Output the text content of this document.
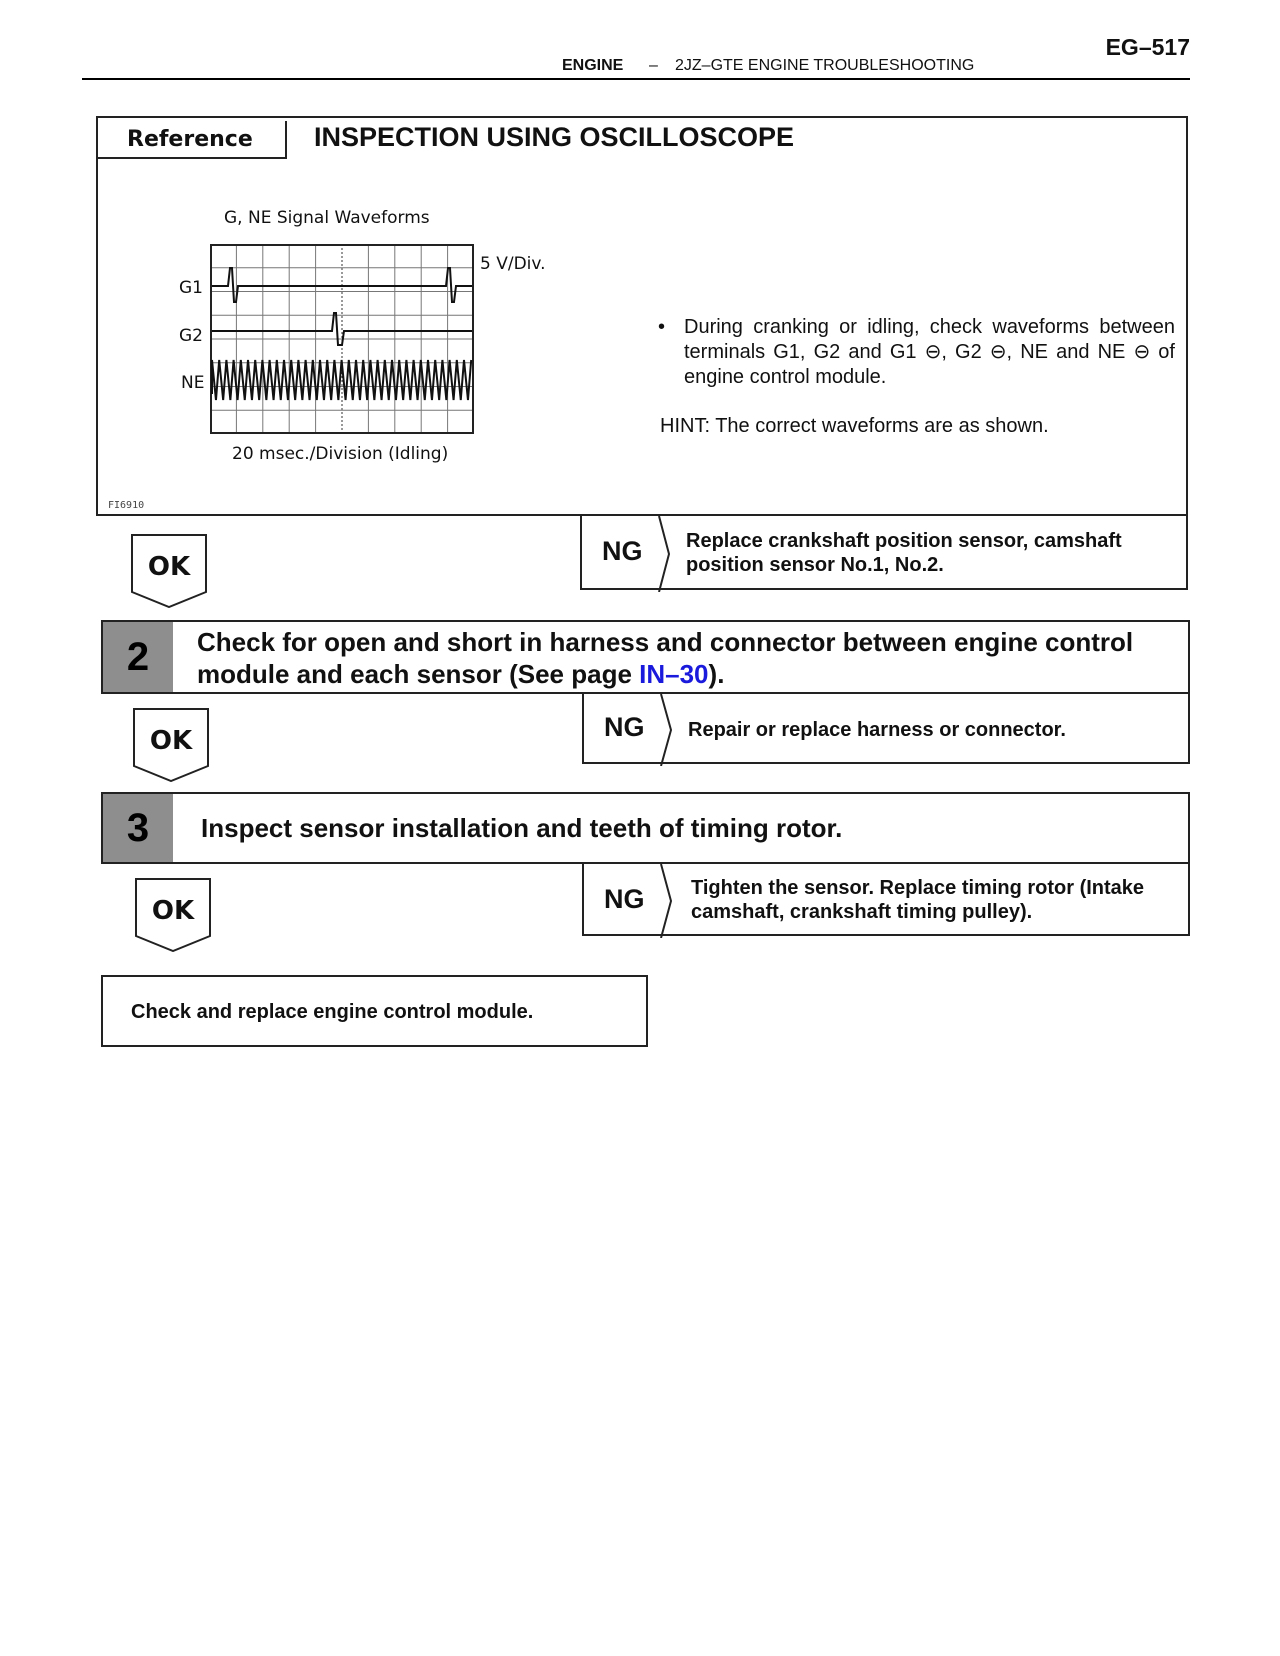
EG–517
ENGINE – 2JZ–GTE ENGINE TROUBLESHOOTING
Reference	INSPECTION USING OSCILLOSCOPE
G, NE Signal Waveforms
5 V/Div.
20 msec./Division (Idling)
G1
G2
NE
FI6910
• During cranking or idling, check waveforms between terminals G1, G2 and G1 ⊖, G2 ⊖, NE and NE ⊖ of engine control module.
HINT: The correct waveforms are as shown.
OK
NG Replace crankshaft position sensor, camshaft position sensor No.1, No.2.
2	Check for open and short in harness and connector between engine control module and each sensor (See page IN–30).
OK	NG Repair or replace harness or connector.
3	Inspect sensor installation and teeth of timing rotor.
OK	NG Tighten the sensor. Replace timing rotor (Intake camshaft, crankshaft timing pulley).
Check and replace engine control module.
